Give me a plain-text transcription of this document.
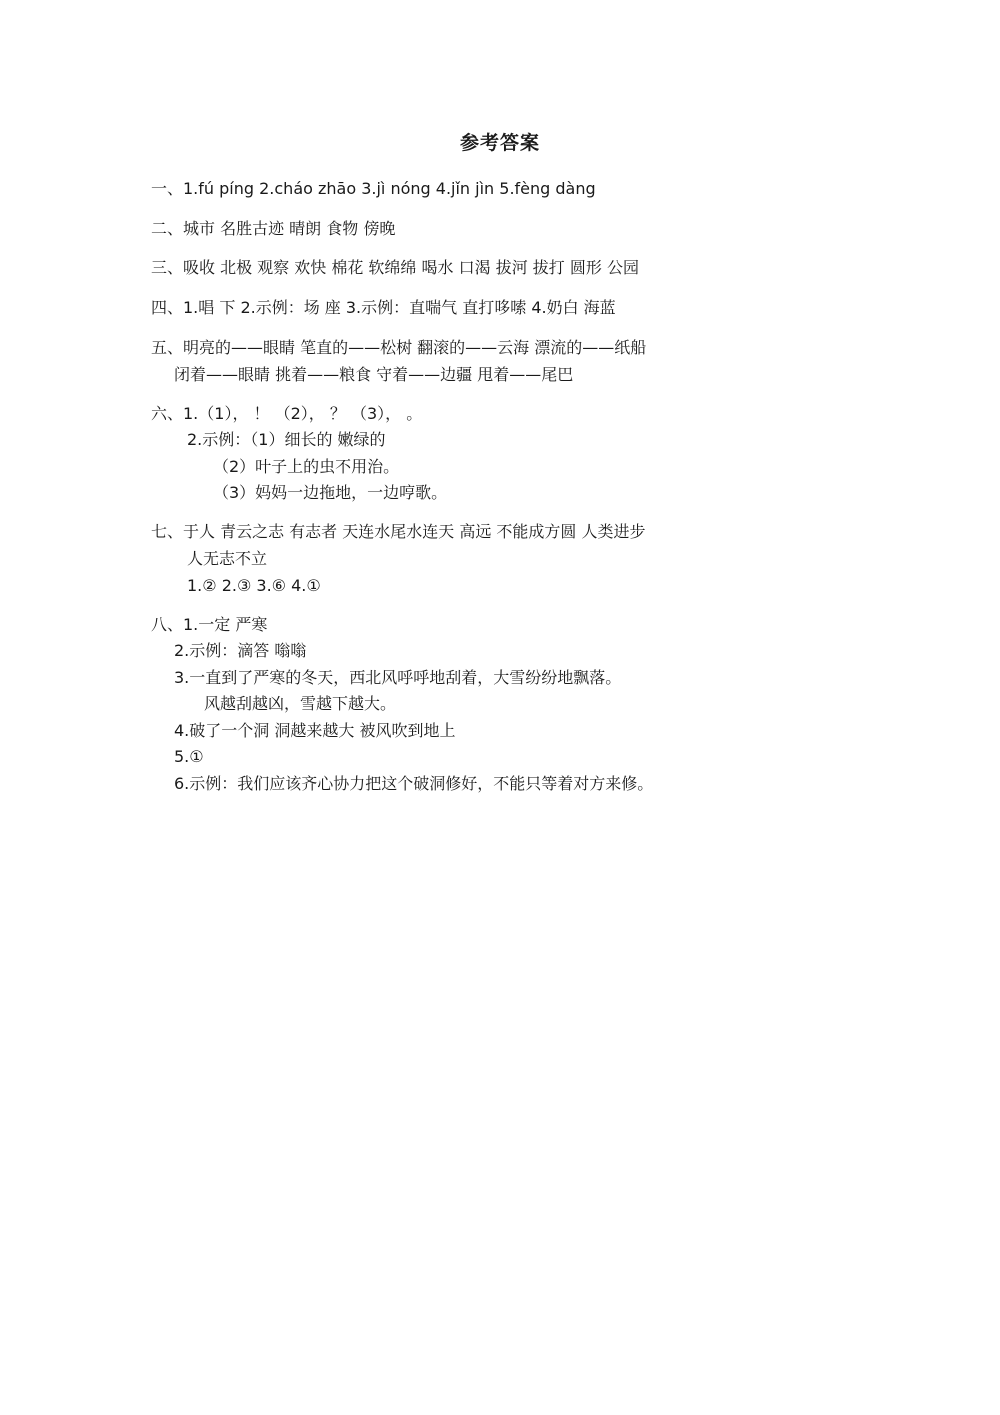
参考答案
一、1.fú píng 2.cháo zhāo 3.jì nóng 4.jǐn jìn 5.fèng dàng
二、城市 名胜古迹 晴朗 食物 傍晚
三、吸收 北极 观察 欢快 棉花 软绵绵 喝水 口渴 拔河 拔打 圆形 公园
四、1.唱 下 2.示例：场 座 3.示例：直喘气 直打哆嗦 4.奶白 海蓝
五、明亮的——眼睛 笔直的——松树 翻滚的——云海 漂流的——纸船
闭着——眼睛 挑着——粮食 守着——边疆 甩着——尾巴
六、1.（1）， ！ （2）， ？ （3）， 。
2.示例：（1）细长的 嫩绿的
（2）叶子上的虫不用治。
（3）妈妈一边拖地，一边哼歌。
七、于人 青云之志 有志者 天连水尾水连天 高远 不能成方圆 人类进步
人无志不立
1.② 2.③ 3.⑥ 4.①
八、1.一定 严寒
2.示例：滴答 嗡嗡
3.一直到了严寒的冬天，西北风呼呼地刮着，大雪纷纷地飘落。
风越刮越凶，雪越下越大。
4.破了一个洞 洞越来越大 被风吹到地上
5.①
6.示例：我们应该齐心协力把这个破洞修好，不能只等着对方来修。
